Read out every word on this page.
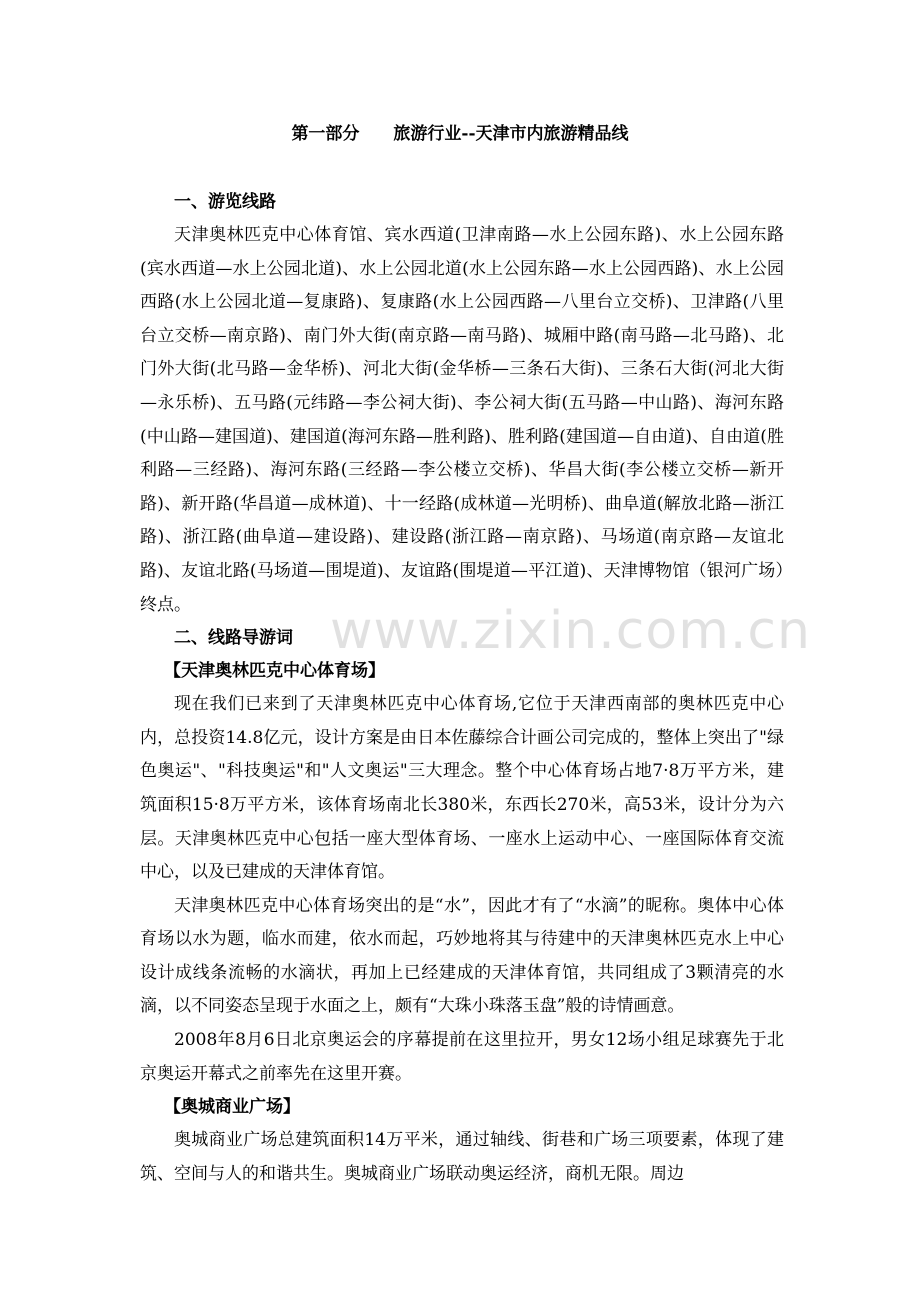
第一部分　　旅游行业--天津市内旅游精品线

一、游览线路

天津奥林匹克中心体育馆、宾水西道(卫津南路—水上公园东路)、水上公园东路(宾水西道—水上公园北道)、水上公园北道(水上公园东路—水上公园西路)、水上公园西路(水上公园北道—复康路)、复康路(水上公园西路—八里台立交桥)、卫津路(八里台立交桥—南京路)、南门外大街(南京路—南马路)、城厢中路(南马路—北马路)、北门外大街(北马路—金华桥)、河北大街(金华桥—三条石大街)、三条石大街(河北大街—永乐桥)、五马路(元纬路—李公祠大街)、李公祠大街(五马路—中山路)、海河东路(中山路—建国道)、建国道(海河东路—胜利路)、胜利路(建国道—自由道)、自由道(胜利路—三经路)、海河东路(三经路—李公楼立交桥)、华昌大街(李公楼立交桥—新开路)、新开路(华昌道—成林道)、十一经路(成林道—光明桥)、曲阜道(解放北路—浙江路)、浙江路(曲阜道—建设路)、建设路(浙江路—南京路)、马场道(南京路—友谊北路)、友谊北路(马场道—围堤道)、友谊路(围堤道—平江道)、天津博物馆（银河广场）终点。

二、线路导游词

【天津奥林匹克中心体育场】

现在我们已来到了天津奥林匹克中心体育场,它位于天津西南部的奥林匹克中心内，总投资14.8亿元，设计方案是由日本佐藤综合计画公司完成的，整体上突出了"绿色奥运"、"科技奥运"和"人文奥运"三大理念。整个中心体育场占地7·8万平方米，建筑面积15·8万平方米，该体育场南北长380米，东西长270米，高53米，设计分为六层。天津奥林匹克中心包括一座大型体育场、一座水上运动中心、一座国际体育交流中心，以及已建成的天津体育馆。

天津奥林匹克中心体育场突出的是“水”，因此才有了“水滴”的昵称。奥体中心体育场以水为题，临水而建，依水而起，巧妙地将其与待建中的天津奥林匹克水上中心设计成线条流畅的水滴状，再加上已经建成的天津体育馆，共同组成了3颗清亮的水滴，以不同姿态呈现于水面之上，颇有“大珠小珠落玉盘”般的诗情画意。

2008年8月6日北京奥运会的序幕提前在这里拉开，男女12场小组足球赛先于北京奥运开幕式之前率先在这里开赛。

【奥城商业广场】

奥城商业广场总建筑面积14万平米，通过轴线、街巷和广场三项要素，体现了建筑、空间与人的和谐共生。奥城商业广场联动奥运经济，商机无限。周边

www.zixin.com.cn
